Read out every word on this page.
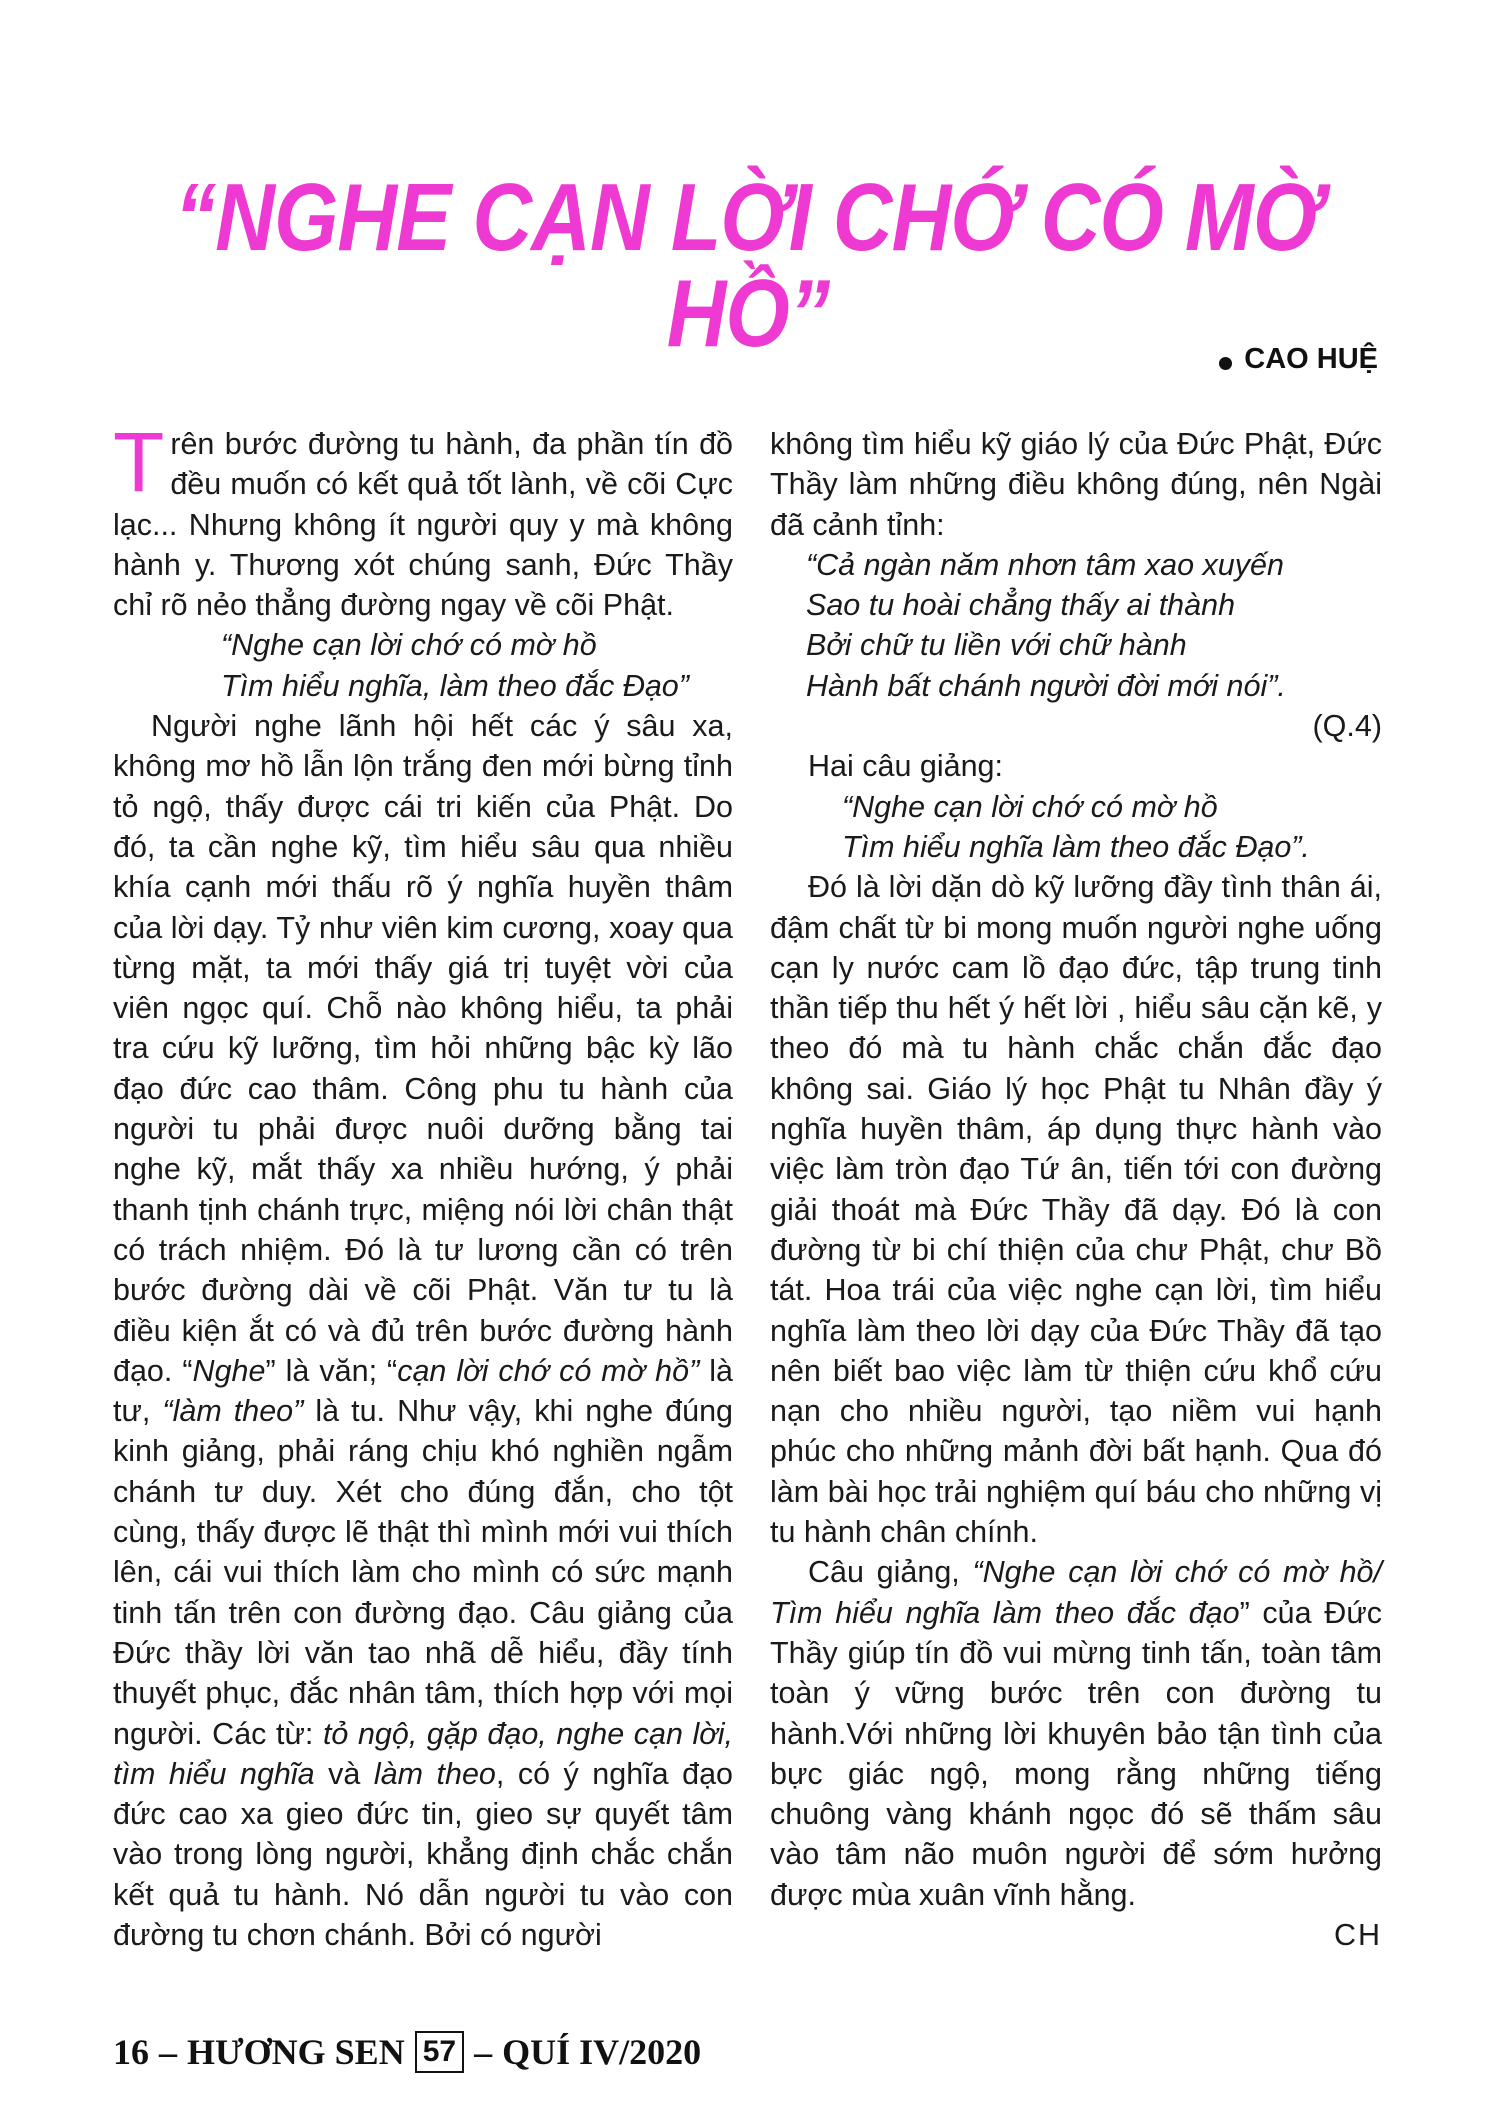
“NGHE CẠN LỜI CHỚ CÓ MỜ HỒ”	CAO HUỆ

Trên bước đường tu hành, đa phần tín đồ đều muốn có kết quả tốt lành, về cõi Cực lạc... Nhưng không ít người quy y mà không hành y. Thương xót chúng sanh, Đức Thầy chỉ rõ nẻo thẳng đường ngay về cõi Phật.

“Nghe cạn lời chớ có mờ hồ

Tìm hiểu nghĩa, làm theo đắc Đạo”

Người nghe lãnh hội hết các ý sâu xa, không mơ hồ lẫn lộn trắng đen mới bừng tỉnh tỏ ngộ, thấy được cái tri kiến của Phật. Do đó, ta cần nghe kỹ, tìm hiểu sâu qua nhiều khía cạnh mới thấu rõ ý nghĩa huyền thâm của lời dạy. Tỷ như viên kim cương, xoay qua từng mặt, ta mới thấy giá trị tuyệt vời của viên ngọc quí. Chỗ nào không hiểu, ta phải tra cứu kỹ lưỡng, tìm hỏi những bậc kỳ lão đạo đức cao thâm. Công phu tu hành của người tu phải được nuôi dưỡng bằng tai nghe kỹ, mắt thấy xa nhiều hướng, ý phải thanh tịnh chánh trực, miệng nói lời chân thật có trách nhiệm. Đó là tư lương cần có trên bước đường dài về cõi Phật. Văn tư tu là điều kiện ắt có và đủ trên bước đường hành đạo. “Nghe” là văn; “cạn lời chớ có mờ hồ” là tư, “làm theo” là tu. Như vậy, khi nghe đúng kinh giảng, phải ráng chịu khó nghiền ngẫm chánh tư duy. Xét cho đúng đắn, cho tột cùng, thấy được lẽ thật thì mình mới vui thích lên, cái vui thích làm cho mình có sức mạnh tinh tấn trên con đường đạo. Câu giảng của Đức thầy lời văn tao nhã dễ hiểu, đầy tính thuyết phục, đắc nhân tâm, thích hợp với mọi người. Các từ: tỏ ngộ, gặp đạo, nghe cạn lời, tìm hiểu nghĩa và làm theo, có ý nghĩa đạo đức cao xa gieo đức tin, gieo sự quyết tâm vào trong lòng người, khẳng định chắc chắn kết quả tu hành. Nó dẫn người tu vào con đường tu chơn chánh. Bởi có người

không tìm hiểu kỹ giáo lý của Đức Phật, Đức Thầy làm những điều không đúng, nên Ngài đã cảnh tỉnh:

“Cả ngàn năm nhơn tâm xao xuyến

Sao tu hoài chẳng thấy ai thành

Bởi chữ tu liền với chữ hành

Hành bất chánh người đời mới nói”.

(Q.4)

Hai câu giảng:

“Nghe cạn lời chớ có mờ hồ

Tìm hiểu nghĩa làm theo đắc Đạo”.

Đó là lời dặn dò kỹ lưỡng đầy tình thân ái, đậm chất từ bi mong muốn người nghe uống cạn ly nước cam lồ đạo đức, tập trung tinh thần tiếp thu hết ý hết lời , hiểu sâu cặn kẽ, y theo đó mà tu hành chắc chắn đắc đạo không sai. Giáo lý học Phật tu Nhân đầy ý nghĩa huyền thâm, áp dụng thực hành vào việc làm tròn đạo Tứ ân, tiến tới con đường giải thoát mà Đức Thầy đã dạy. Đó là con đường từ bi chí thiện của chư Phật, chư Bồ tát. Hoa trái của việc nghe cạn lời, tìm hiểu nghĩa làm theo lời dạy của Đức Thầy đã tạo nên biết bao việc làm từ thiện cứu khổ cứu nạn cho nhiều người, tạo niềm vui hạnh phúc cho những mảnh đời bất hạnh. Qua đó làm bài học trải nghiệm quí báu cho những vị tu hành chân chính.

Câu giảng, “Nghe cạn lời chớ có mờ hồ/ Tìm hiểu nghĩa làm theo đắc đạo” của Đức Thầy giúp tín đồ vui mừng tinh tấn, toàn tâm toàn ý vững bước trên con đường tu hành.Với những lời khuyên bảo tận tình của bực giác ngộ, mong rằng những tiếng chuông vàng khánh ngọc đó sẽ thấm sâu vào tâm não muôn người để sớm hưởng được mùa xuân vĩnh hằng.

CH

16 – HƯƠNG SEN 57 – QUÍ IV/2020
